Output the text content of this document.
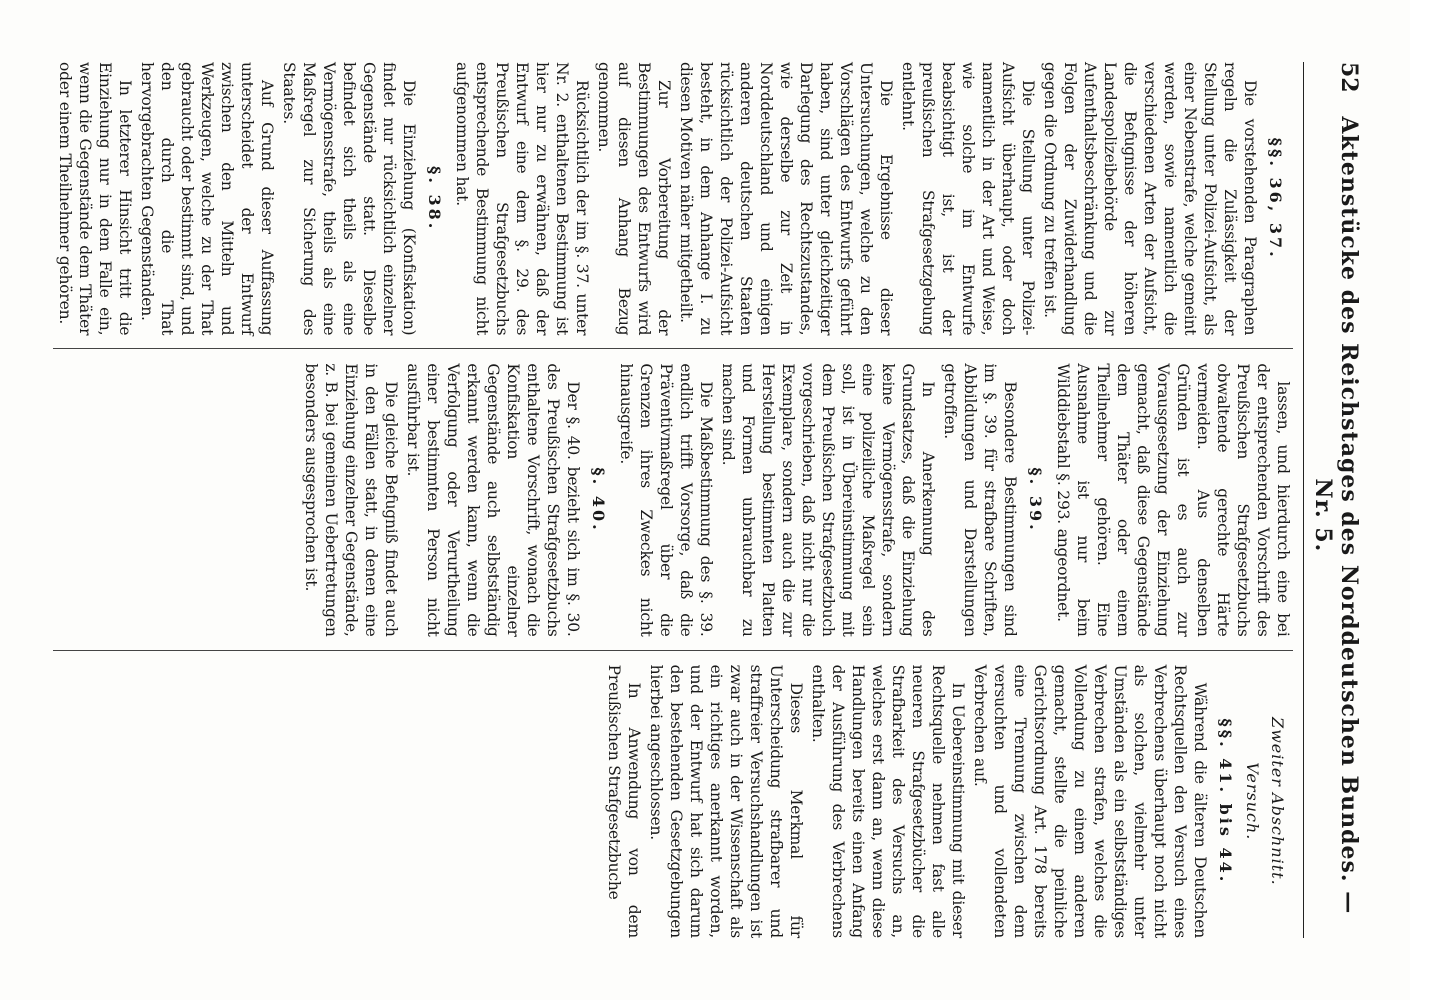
52
Aktenstücke des Reichstages des Norddeutschen Bundes. — Nr. 5.
§§. 36, 37.

Die vorstehenden Paragraphen regeln die Zulässigkeit der Stellung unter Polizei-Aufsicht, als einer Nebenstrafe, welche gemeint werden, sowie namentlich die verschiedenen Arten der Aufsicht, die Befugnisse der höheren Landespolizeibehörde zur Aufenthaltsbeschränkung und die Folgen der Zuwiderhandlung gegen die Ordnung zu treffen ist.

Die Stellung unter Polizei-Aufsicht überhaupt, oder doch namentlich in der Art und Weise, wie solche im Entwurfe beabsichtigt ist, ist der preußischen Strafgesetzgebung entlehnt.

Die Ergebnisse dieser Untersuchungen, welche zu den Vorschlägen des Entwurfs geführt haben, sind unter gleichzeitiger Darlegung des Rechtszustandes, wie derselbe zur Zeit in Norddeutschland und einigen anderen deutschen Staaten rücksichtlich der Polizei-Aufsicht besteht, in dem Anhange I. zu diesen Motiven näher mitgetheilt.

Zur Vorbereitung der Bestimmungen des Entwurfs wird auf diesen Anhang Bezug genommen.

Rücksichtlich der im §. 37. unter Nr. 2. enthaltenen Bestimmung ist hier nur zu erwähnen, daß der Entwurf eine dem §. 29. des Preußischen Strafgesetzbuchs entsprechende Bestimmung nicht aufgenommen hat.

§. 38.

Die Einziehung (Konfiskation) findet nur rücksichtlich einzelner Gegenstände statt. Dieselbe befindet sich theils als eine Vermögensstrafe, theils als eine Maßregel zur Sicherung des Staates.

Auf Grund dieser Auffassung unterscheidet der Entwurf zwischen den Mitteln und Werkzeugen, welche zu der That gebraucht oder bestimmt sind, und den durch die That hervorgebrachten Gegenständen.

In letzterer Hinsicht tritt die Einziehung nur in dem Falle ein, wenn die Gegenstände dem Thäter oder einem Theilnehmer gehören.

lassen, und hierdurch eine bei der entsprechenden Vorschrift des Preußischen Strafgesetzbuchs obwaltende gerechte Härte vermeiden. Aus denselben Gründen ist es auch zur Vorausgesetzung der Einziehung gemacht, daß diese Gegenstände dem Thäter oder einem Theilnehmer gehören. Eine Ausnahme ist nur beim Wilddiebstahl §. 293. angeordnet.

§. 39.

Besondere Bestimmungen sind im §. 39. für strafbare Schriften, Abbildungen und Darstellungen getroffen.

In Anerkennung des Grundsatzes, daß die Einziehung keine Vermögensstrafe, sondern eine polizeiliche Maßregel sein soll, ist in Übereinstimmung mit dem Preußischen Strafgesetzbuch vorgeschrieben, daß nicht nur die Exemplare, sondern auch die zur Herstellung bestimmten Platten und Formen unbrauchbar zu machen sind.

Die Maßbestimmung des §. 39. endlich trifft Vorsorge, daß die Präventivmaßregel über die Grenzen ihres Zweckes nicht hinausgreife.

§. 40.

Der §. 40. bezieht sich im §. 30. des Preußischen Strafgesetzbuchs enthaltene Vorschrift, wonach die Konfiskation einzelner Gegenstände auch selbstständig erkannt werden kann, wenn die Verfolgung oder Verurtheilung einer bestimmten Person nicht ausführbar ist.

Die gleiche Befugniß findet auch in den Fällen statt, in denen eine Einziehung einzelner Gegenstände, z. B. bei gemeinen Uebertretungen besonders ausgesprochen ist.

Zweiter Abschnitt.
Versuch.
§§. 41. bis 44.

Während die älteren Deutschen Rechtsquellen den Versuch eines Verbrechens überhaupt noch nicht als solchen, vielmehr unter Umständen als ein selbstständiges Verbrechen strafen, welches die Vollendung zu einem anderen gemacht, stellte die peinliche Gerichtsordnung Art. 178 bereits eine Trennung zwischen dem versuchten und vollendeten Verbrechen auf.

In Uebereinstimmung mit dieser Rechtsquelle nehmen fast alle neueren Strafgesetzbücher die Strafbarkeit des Versuchs an, welches erst dann an, wenn diese Handlungen bereits einen Anfang der Ausführung des Verbrechens enthalten.

Dieses Merkmal für Unterscheidung strafbarer und straffreier Versuchshandlungen ist zwar auch in der Wissenschaft als ein richtiges anerkannt worden, und der Entwurf hat sich darum den bestehenden Gesetzgebungen hierbei angeschlossen.

In Anwendung von dem Preußischen Strafgesetzbuche
